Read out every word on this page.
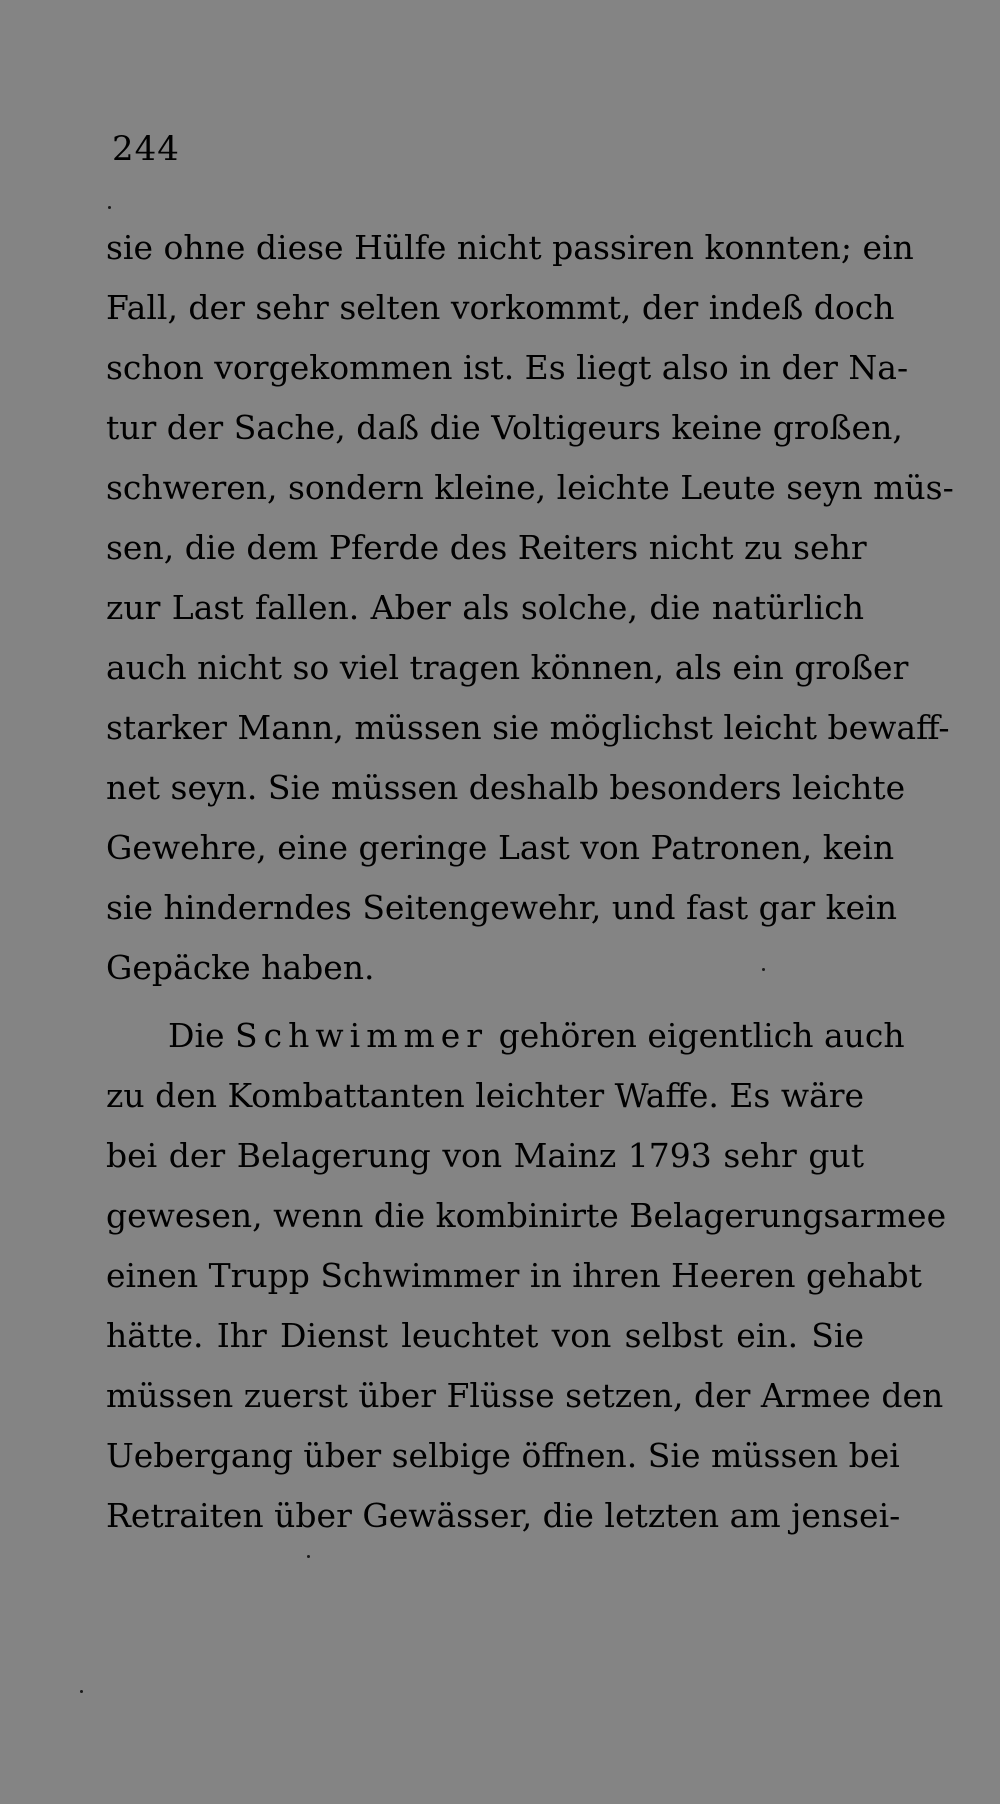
244
sie ohne diese Hülfe nicht passiren konnten; ein
Fall, der sehr selten vorkommt, der indeß doch
schon vorgekommen ist. Es liegt also in der Na-
tur der Sache, daß die Voltigeurs keine großen,
schweren, sondern kleine, leichte Leute seyn müs-
sen, die dem Pferde des Reiters nicht zu sehr
zur Last fallen. Aber als solche, die natürlich
auch nicht so viel tragen können, als ein großer
starker Mann, müssen sie möglichst leicht bewaff-
net seyn. Sie müssen deshalb besonders leichte
Gewehre, eine geringe Last von Patronen, kein
sie hinderndes Seitengewehr, und fast gar kein
Gepäcke haben.
Die Schwimmer gehören eigentlich auch
zu den Kombattanten leichter Waffe. Es wäre
bei der Belagerung von Mainz 1793 sehr gut
gewesen, wenn die kombinirte Belagerungsarmee
einen Trupp Schwimmer in ihren Heeren gehabt
hätte. Ihr Dienst leuchtet von selbst ein. Sie
müssen zuerst über Flüsse setzen, der Armee den
Uebergang über selbige öffnen. Sie müssen bei
Retraiten über Gewässer, die letzten am jensei-
